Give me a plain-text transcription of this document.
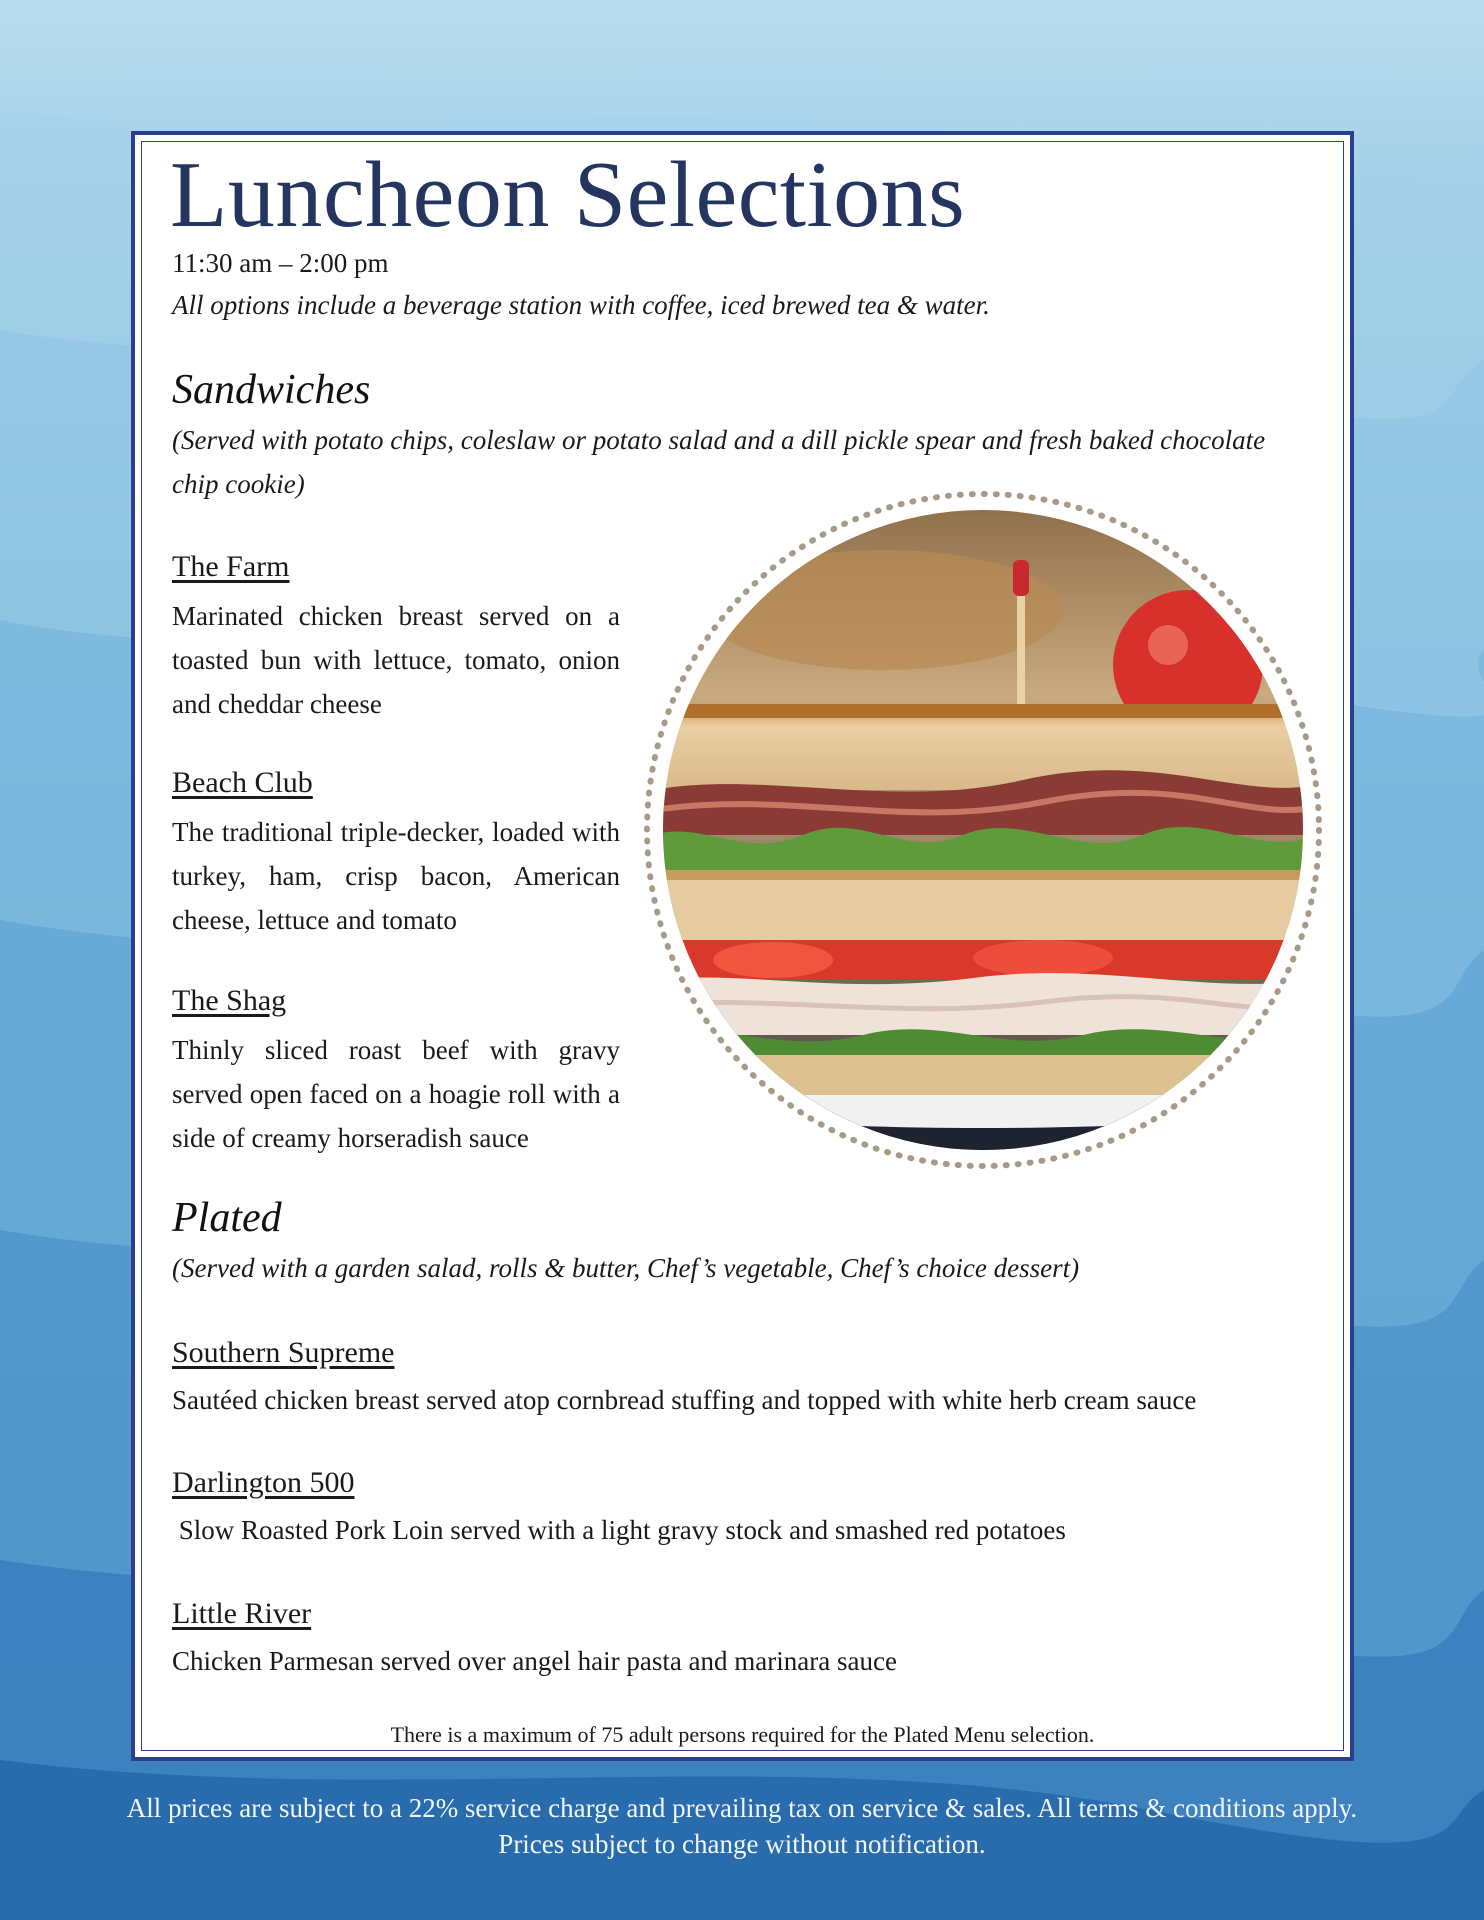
Luncheon Selections

11:30 am – 2:00 pm

All options include a beverage station with coffee, iced brewed tea & water.

Sandwiches

(Served with potato chips, coleslaw or potato salad and a dill pickle spear and fresh baked chocolate chip cookie)

The Farm

Marinated chicken breast served on a toasted bun with lettuce, tomato, onion and cheddar cheese

Beach Club

The traditional triple-decker, loaded with turkey, ham, crisp bacon, American cheese, lettuce and tomato

The Shag

Thinly sliced roast beef with gravy served open faced on a hoagie roll with a side of creamy horseradish sauce

Plated

(Served with a garden salad, rolls & butter, Chef’s vegetable, Chef’s choice dessert)

Southern Supreme

Sautéed chicken breast served atop cornbread stuffing and topped with white herb cream sauce

Darlington 500

Slow Roasted Pork Loin served with a light gravy stock and smashed red potatoes

Little River

Chicken Parmesan served over angel hair pasta and marinara sauce

There is a maximum of 75 adult persons required for the Plated Menu selection.

All prices are subject to a 22% service charge and prevailing tax on service & sales. All terms & conditions apply.
Prices subject to change without notification.
